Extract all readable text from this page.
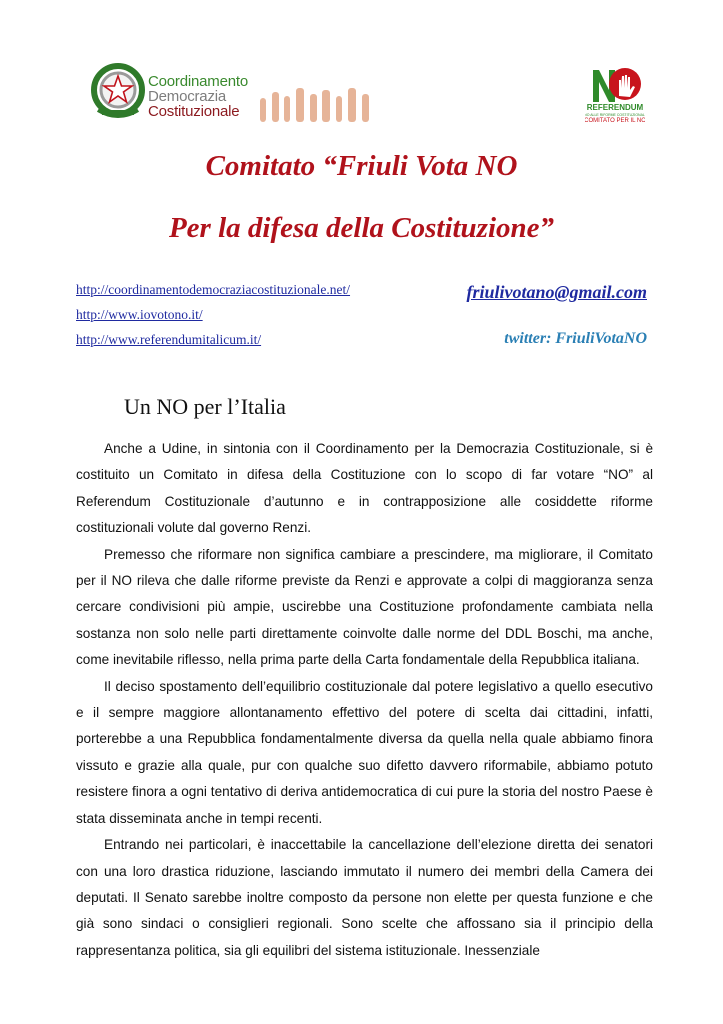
Coordinamento
Democrazia
Costituzionale	REFERENDUM
NO ALLE RIFORME COSTITUZIONALI
COMITATO PER IL NO
Comitato “Friuli Vota NO
Per la difesa della Costituzione”
http://coordinamentodemocraziacostituzionale.net/
http://www.iovotono.it/
http://www.referendumitalicum.it/
friulivotano@gmail.com
twitter: FriuliVotaNO
Un NO per l’Italia

Anche a Udine, in sintonia con il Coordinamento per la Democrazia Costituzionale, si è costituito un Comitato in difesa della Costituzione con lo scopo di far votare “NO” al Referendum Costituzionale d’autunno e in contrapposizione alle cosiddette riforme costituzionali volute dal governo Renzi.

Premesso che riformare non significa cambiare a prescindere, ma migliorare, il Comitato per il NO rileva che dalle riforme previste da Renzi e approvate a colpi di maggioranza senza cercare condivisioni più ampie, uscirebbe una Costituzione profondamente cambiata nella sostanza non solo nelle parti direttamente coinvolte dalle norme del DDL Boschi, ma anche, come inevitabile riflesso, nella prima parte della Carta fondamentale della Repubblica italiana.

Il deciso spostamento dell’equilibrio costituzionale dal potere legislativo a quello esecutivo e il sempre maggiore allontanamento effettivo del potere di scelta dai cittadini, infatti, porterebbe a una Repubblica fondamentalmente diversa da quella nella quale abbiamo finora vissuto e grazie alla quale, pur con qualche suo difetto davvero riformabile, abbiamo potuto resistere finora a ogni tentativo di deriva antidemocratica di cui pure la storia del nostro Paese è stata disseminata anche in tempi recenti.

Entrando nei particolari, è inaccettabile la cancellazione dell’elezione diretta dei senatori con una loro drastica riduzione, lasciando immutato il numero dei membri della Camera dei deputati. Il Senato sarebbe inoltre composto da persone non elette per questa funzione e che già sono sindaci o consiglieri regionali. Sono scelte che affossano sia il principio della rappresentanza politica, sia gli equilibri del sistema istituzionale. Inessenziale
